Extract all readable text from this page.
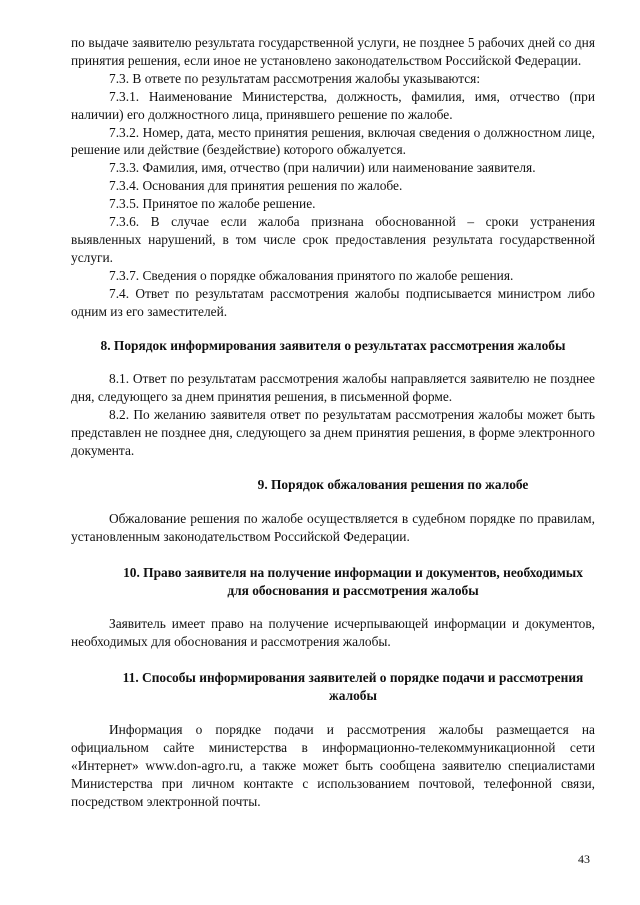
по выдаче заявителю результата государственной услуги, не позднее 5 рабочих дней со дня принятия решения, если иное не установлено законодательством Российской Федерации.

7.3. В ответе по результатам рассмотрения жалобы указываются:

7.3.1. Наименование Министерства, должность, фамилия, имя, отчество (при наличии) его должностного лица, принявшего решение по жалобе.

7.3.2. Номер, дата, место принятия решения, включая сведения о должностном лице, решение или действие (бездействие) которого обжалуется.

7.3.3. Фамилия, имя, отчество (при наличии) или наименование заявителя.

7.3.4. Основания для принятия решения по жалобе.

7.3.5. Принятое по жалобе решение.

7.3.6. В случае если жалоба признана обоснованной – сроки устранения выявленных нарушений, в том числе срок предоставления результата государственной услуги.

7.3.7. Сведения о порядке обжалования принятого по жалобе решения.

7.4. Ответ по результатам рассмотрения жалобы подписывается министром либо одним из его заместителей.

8. Порядок информирования заявителя о результатах рассмотрения жалобы

8.1. Ответ по результатам рассмотрения жалобы направляется заявителю не позднее дня, следующего за днем принятия решения, в письменной форме.

8.2. По желанию заявителя ответ по результатам рассмотрения жалобы может быть представлен не позднее дня, следующего за днем принятия решения, в форме электронного документа.

9. Порядок обжалования решения по жалобе

Обжалование решения по жалобе осуществляется в судебном порядке по правилам, установленным законодательством Российской Федерации.

10. Право заявителя на получение информации и документов, необходимых для обоснования и рассмотрения жалобы

Заявитель имеет право на получение исчерпывающей информации и документов, необходимых для обоснования и рассмотрения жалобы.

11. Способы информирования заявителей о порядке подачи и рассмотрения жалобы

Информация о порядке подачи и рассмотрения жалобы размещается на официальном сайте министерства в информационно-телекоммуникационной сети «Интернет» www.don-agro.ru, а также может быть сообщена заявителю специалистами Министерства при личном контакте с использованием почтовой, телефонной связи, посредством электронной почты.

43
